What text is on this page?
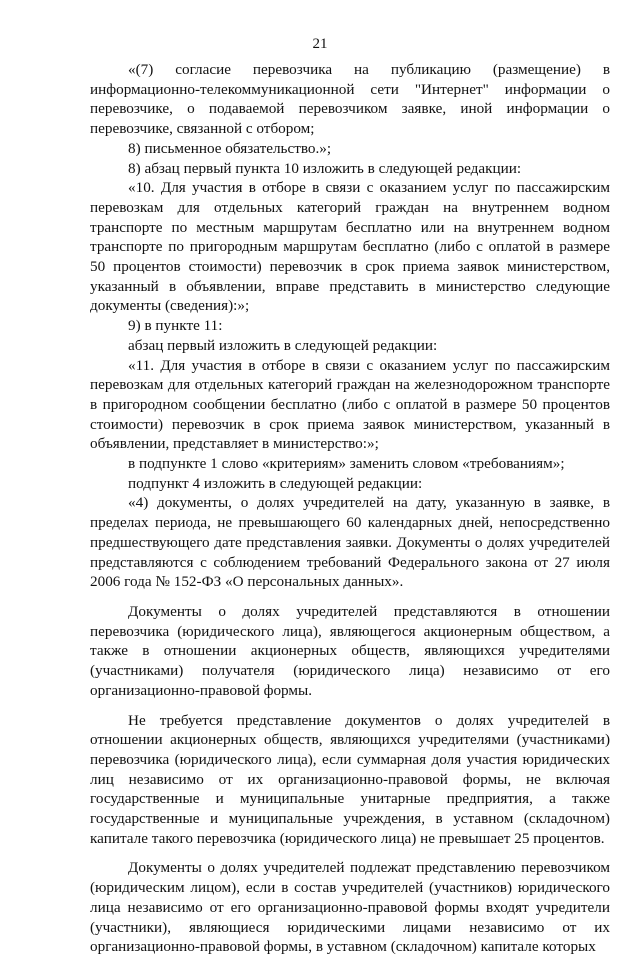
21

«(7) согласие перевозчика на публикацию (размещение) в информационно-телекоммуникационной сети "Интернет" информации о перевозчике, о подаваемой перевозчиком заявке, иной информации о перевозчике, связанной с отбором;

8) письменное обязательство.»;

8) абзац первый пункта 10 изложить в следующей редакции:

«10. Для участия в отборе в связи с оказанием услуг по пассажирским перевозкам для отдельных категорий граждан на внутреннем водном транспорте по местным маршрутам бесплатно или на внутреннем водном транспорте по пригородным маршрутам бесплатно (либо с оплатой в размере 50 процентов стоимости) перевозчик в срок приема заявок министерством, указанный в объявлении, вправе представить в министерство следующие документы (сведения):»;

9) в пункте 11:

абзац первый изложить в следующей редакции:

«11. Для участия в отборе в связи с оказанием услуг по пассажирским перевозкам для отдельных категорий граждан на железнодорожном транспорте в пригородном сообщении бесплатно (либо с оплатой в размере 50 процентов стоимости) перевозчик в срок приема заявок министерством, указанный в объявлении, представляет в министерство:»;

в подпункте 1 слово «критериям» заменить словом «требованиям»;

подпункт 4 изложить в следующей редакции:

«4) документы, о долях учредителей на дату, указанную в заявке, в пределах периода, не превышающего 60 календарных дней, непосредственно предшествующего дате представления заявки. Документы о долях учредителей представляются с соблюдением требований Федерального закона от 27 июля 2006 года № 152-ФЗ «О персональных данных».

Документы о долях учредителей представляются в отношении перевозчика (юридического лица), являющегося акционерным обществом, а также в отношении акционерных обществ, являющихся учредителями (участниками) получателя (юридического лица) независимо от его организационно-правовой формы.

Не требуется представление документов о долях учредителей в отношении акционерных обществ, являющихся учредителями (участниками) перевозчика (юридического лица), если суммарная доля участия юридических лиц независимо от их организационно-правовой формы, не включая государственные и муниципальные унитарные предприятия, а также государственные и муниципальные учреждения, в уставном (складочном) капитале такого перевозчика (юридического лица) не превышает 25 процентов.

Документы о долях учредителей подлежат представлению перевозчиком (юридическим лицом), если в состав учредителей (участников) юридического лица независимо от его организационно-правовой формы входят учредители (участники), являющиеся юридическими лицами независимо от их организационно-правовой формы, в уставном (складочном) капитале которых
